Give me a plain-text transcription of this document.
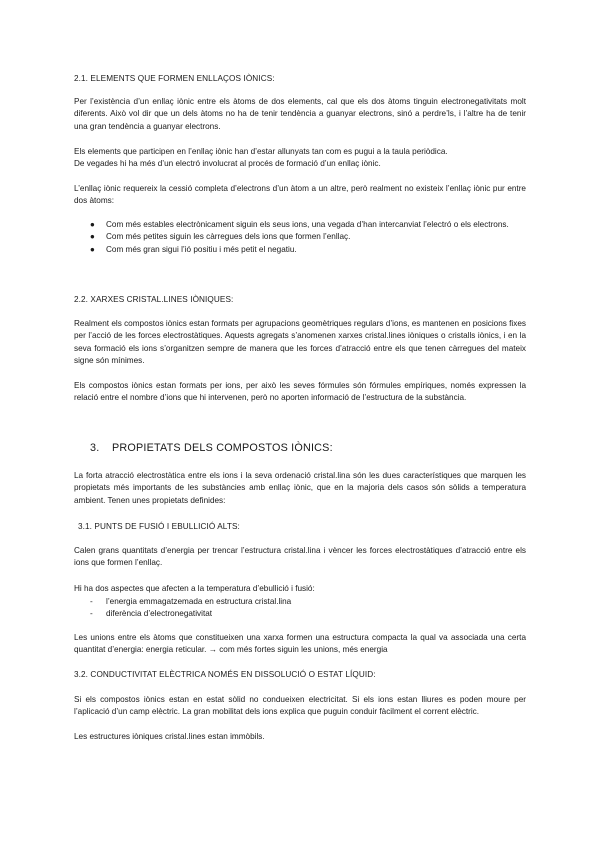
2.1. ELEMENTS QUE FORMEN ENLLAÇOS IÒNICS:
Per l’existència d’un enllaç iònic entre els àtoms de dos elements, cal que els dos àtoms tinguin electronegativitats molt diferents. Això vol dir que un dels àtoms no ha de tenir tendència a guanyar electrons, sinó a perdre’ls, i l’altre ha de tenir una gran tendència a guanyar electrons.
Els elements que participen en l’enllaç iònic han d’estar allunyats tan com es pugui a la taula periòdica.
De vegades hi ha més d’un electró involucrat al procés de formació d’un enllaç iònic.
L’enllaç iònic requereix la cessió completa d’electrons d’un àtom a un altre, però realment no existeix l’enllaç iònic pur entre dos àtoms:
● Com més estables electrònicament siguin els seus ions, una vegada d’han intercanviat l’electró o els electrons.
● Com més petites siguin les càrregues dels ions que formen l’enllaç.
● Com més gran sigui l’ió positiu i més petit el negatiu.
2.2. XARXES CRISTAL.LINES IÒNIQUES:
Realment els compostos iònics estan formats per agrupacions geomètriques regulars d’ions, es mantenen en posicions fixes per l’acció de les forces electrostàtiques. Aquests agregats s’anomenen xarxes cristal.lines iòniques o cristalls iònics, i en la seva formació els ions s’organitzen sempre de manera que les forces d’atracció entre els que tenen càrregues del mateix signe són mínimes.
Els compostos iònics estan formats per ions, per això les seves fórmules són fórmules empíriques, només expressen la relació entre el nombre d’ions que hi intervenen, però no aporten informació de l’estructura de la substància.
3. PROPIETATS DELS COMPOSTOS IÒNICS:
La forta atracció electrostàtica entre els ions i la seva ordenació cristal.lina són les dues característiques que marquen les propietats més importants de les substàncies amb enllaç iònic, que en la majoria dels casos són sòlids a temperatura ambient. Tenen unes propietats definides:
3.1. PUNTS DE FUSIÓ I EBULLICIÓ ALTS:
Calen grans quantitats d’energia per trencar l’estructura cristal.lina i vèncer les forces electrostàtiques d’atracció entre els ions que formen l’enllaç.
Hi ha dos aspectes que afecten a la temperatura d’ebullició i fusió:
- l’energia emmagatzemada en estructura cristal.lina
- diferència d’electronegativitat
Les unions entre els àtoms que constitueixen una xarxa formen una estructura compacta la qual va associada una certa quantitat d’energia: energia reticular. → com més fortes siguin les unions, més energia
3.2. CONDUCTIVITAT ELÈCTRICA NOMÉS EN DISSOLUCIÓ O ESTAT LÍQUID:
Si els compostos iònics estan en estat sòlid no condueixen electricitat. Si els ions estan lliures es poden moure per l’aplicació d’un camp elèctric. La gran mobilitat dels ions explica que puguin conduir fàcilment el corrent elèctric.
Les estructures iòniques cristal.lines estan immòbils.
